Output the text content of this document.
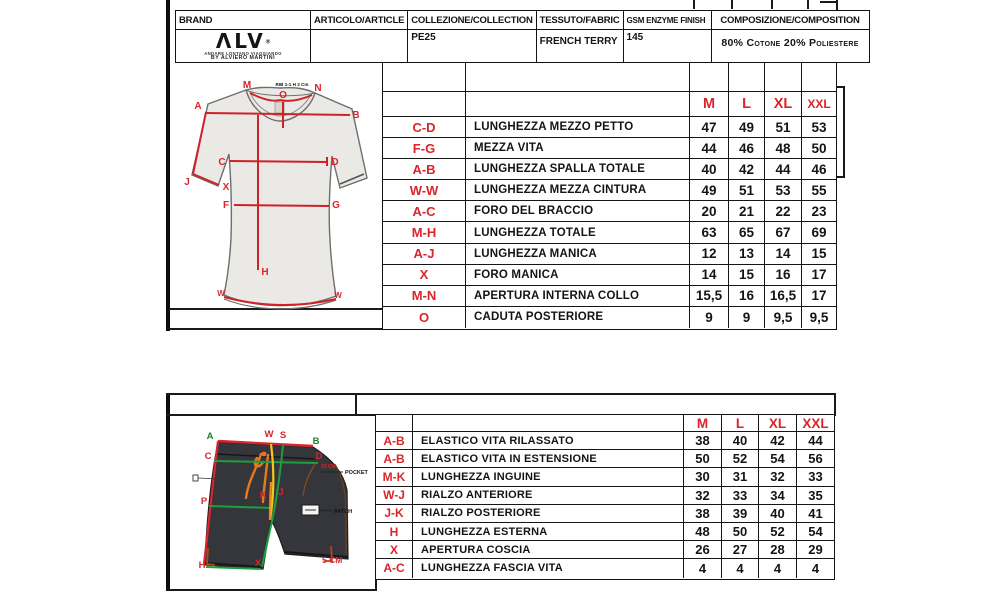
BRAND	ARTICOLO/ARTICLE	COLLEZIONE/COLLECTION	TESSUTO/FABRIC	GSM ENZYME FINISH	COMPOSIZIONE/COMPOSITION

ΛLV®
ANDARE LONTANO VIAGGIANDO
BY ALVIERO MARTINI		PE25	FRENCH TERRY	145	80% Cotone 20% Poliestere
M	N
O
A
B
C	D
J	X
F	G
W
H
W
RIB 1-1 H 2 Cm
M	L	XL	XXL
C-D	LUNGHEZZA MEZZO PETTO	47	49	51	53
F-G	MEZZA VITA	44	46	48	50
A-B	LUNGHEZZA SPALLA TOTALE	40	42	44	46
W-W	LUNGHEZZA MEZZA CINTURA	49	51	53	55
A-C	FORO DEL BRACCIO	20	21	22	23
M-H	LUNGHEZZA TOTALE	63	65	67	69
A-J	LUNGHEZZA MANICA	12	13	14	15
X	FORO MANICA	14	15	16	17
M-N	APERTURA INTERNA COLLO	15,5	16	16,5	17
O	CADUTA POSTERIORE	9	9	9,5	9,5
A	W S
B
C	D
P
K J
H	X
15 CM
5 CM
POCKET
PATCH
M	L	XL	XXL
A-B	ELASTICO VITA RILASSATO	38	40	42	44
A-B	ELASTICO VITA IN ESTENSIONE	50	52	54	56
M-K	LUNGHEZZA INGUINE	30	31	32	33
W-J	RIALZO ANTERIORE	32	33	34	35
J-K	RIALZO POSTERIORE	38	39	40	41
H	LUNGHEZZA ESTERNA	48	50	52	54
X	APERTURA COSCIA	26	27	28	29
A-C	LUNGHEZZA FASCIA VITA	4	4	4	4
